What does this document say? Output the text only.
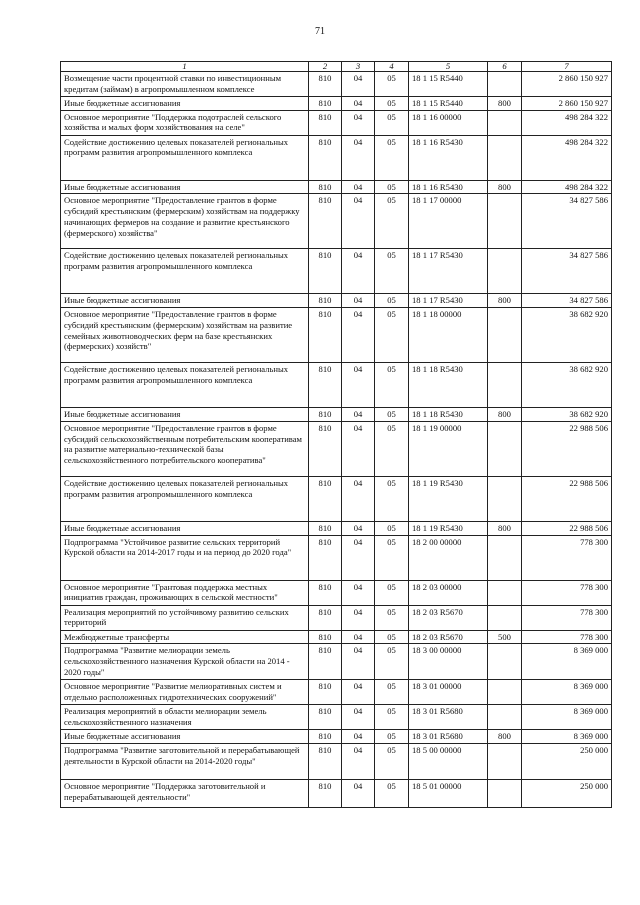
71
1	2	3	4	5	6	7
Возмещение части процентной ставки по инвестиционным кредитам (займам) в агропромышленном комплексе	810	04	05	18 1 15 R5440		2 860 150 927
Иные бюджетные ассигнования	810	04	05	18 1 15 R5440	800	2 860 150 927
Основное мероприятие "Поддержка подотраслей сельского хозяйства и малых форм хозяйствования на селе"	810	04	05	18 1 16 00000		498 284 322
Содействие достижению целевых показателей региональных программ развития агропромышленного комплекса	810	04	05	18 1 16 R5430		498 284 322
Иные бюджетные ассигнования	810	04	05	18 1 16 R5430	800	498 284 322
Основное мероприятие "Предоставление грантов в форме субсидий крестьянским (фермерским) хозяйствам на поддержку начинающих фермеров на создание и развитие крестьянского (фермерского) хозяйства"	810	04	05	18 1 17 00000		34 827 586
Содействие достижению целевых показателей региональных программ развития агропромышленного комплекса	810	04	05	18 1 17 R5430		34 827 586
Иные бюджетные ассигнования	810	04	05	18 1 17 R5430	800	34 827 586
Основное мероприятие "Предоставление грантов в форме субсидий крестьянским (фермерским) хозяйствам на развитие семейных животноводческих ферм на базе крестьянских (фермерских) хозяйств"	810	04	05	18 1 18 00000		38 682 920
Содействие достижению целевых показателей региональных программ развития агропромышленного комплекса	810	04	05	18 1 18 R5430		38 682 920
Иные бюджетные ассигнования	810	04	05	18 1 18 R5430	800	38 682 920
Основное мероприятие "Предоставление грантов в форме субсидий сельскохозяйственным потребительским кооперативам на развитие материально-технической базы сельскохозяйственного потребительского кооператива"	810	04	05	18 1 19 00000		22 988 506
Содействие достижению целевых показателей региональных программ развития агропромышленного комплекса	810	04	05	18 1 19 R5430		22 988 506
Иные бюджетные ассигнования	810	04	05	18 1 19 R5430	800	22 988 506
Подпрограмма "Устойчивое развитие сельских территорий Курской области на 2014-2017 годы и на период до 2020 года"	810	04	05	18 2 00 00000		778 300
Основное мероприятие "Грантовая поддержка местных инициатив граждан, проживающих в сельской местности"	810	04	05	18 2 03 00000		778 300
Реализация мероприятий по устойчивому развитию сельских территорий	810	04	05	18 2 03 R5670		778 300
Межбюджетные трансферты	810	04	05	18 2 03 R5670	500	778 300
Подпрограмма "Развитие мелиорации земель сельскохозяйственного назначения Курской области на 2014 - 2020 годы"	810	04	05	18 3 00 00000		8 369 000
Основное мероприятие "Развитие мелиоративных систем и отдельно расположенных гидротехнических сооружений"	810	04	05	18 3 01 00000		8 369 000
Реализация мероприятий в области мелиорации земель сельскохозяйственного назначения	810	04	05	18 3 01 R5680		8 369 000
Иные бюджетные ассигнования	810	04	05	18 3 01 R5680	800	8 369 000
Подпрограмма "Развитие заготовительной и перерабатывающей деятельности в Курской области на 2014-2020 годы"	810	04	05	18 5 00 00000		250 000
Основное мероприятие "Поддержка заготовительной и перерабатывающей деятельности"	810	04	05	18 5 01 00000		250 000
